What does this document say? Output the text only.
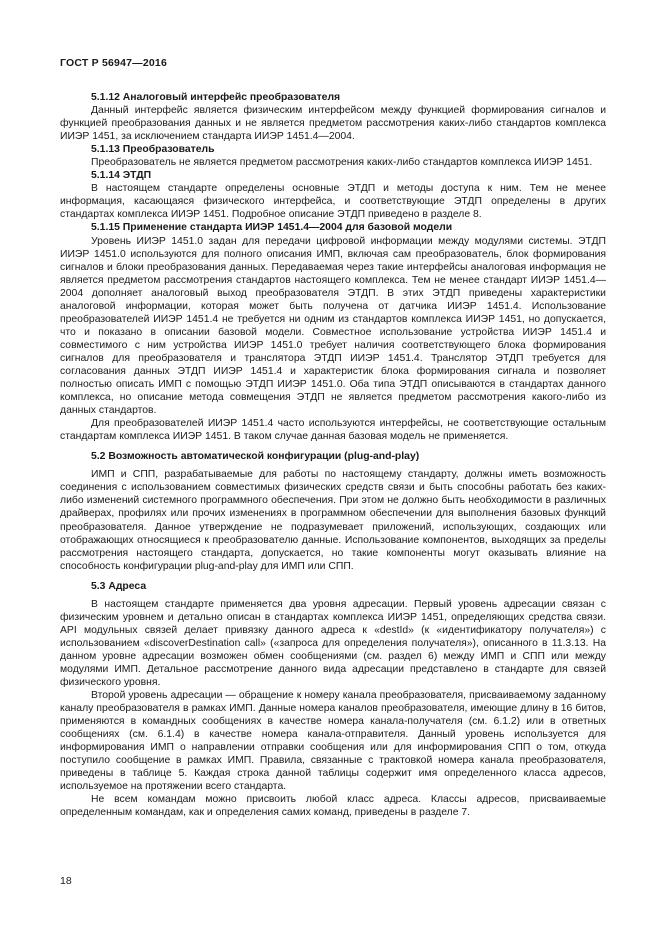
ГОСТ Р 56947—2016
5.1.12 Аналоговый интерфейс преобразователя

Данный интерфейс является физическим интерфейсом между функцией формирования сигналов и функцией преобразования данных и не является предметом рассмотрения каких-либо стандартов комплекса ИИЭР 1451, за исключением стандарта ИИЭР 1451.4—2004.

5.1.13 Преобразователь

Преобразователь не является предметом рассмотрения каких-либо стандартов комплекса ИИЭР 1451.

5.1.14 ЭТДП

В настоящем стандарте определены основные ЭТДП и методы доступа к ним. Тем не менее информация, касающаяся физического интерфейса, и соответствующие ЭТДП определены в других стандартах комплекса ИИЭР 1451. Подробное описание ЭТДП приведено в разделе 8.

5.1.15 Применение стандарта ИИЭР 1451.4—2004 для базовой модели

Уровень ИИЭР 1451.0 задан для передачи цифровой информации между модулями системы. ЭТДП ИИЭР 1451.0 используются для полного описания ИМП, включая сам преобразователь, блок формирования сигналов и блоки преобразования данных. Передаваемая через такие интерфейсы аналоговая информация не является предметом рассмотрения стандартов настоящего комплекса. Тем не менее стандарт ИИЭР 1451.4—2004 дополняет аналоговый выход преобразователя ЭТДП. В этих ЭТДП приведены характеристики аналоговой информации, которая может быть получена от датчика ИИЭР 1451.4. Использование преобразователей ИИЭР 1451.4 не требуется ни одним из стандартов комплекса ИИЭР 1451, но допускается, что и показано в описании базовой модели. Совместное использование устройства ИИЭР 1451.4 и совместимого с ним устройства ИИЭР 1451.0 требует наличия соответствующего блока формирования сигналов для преобразователя и транслятора ЭТДП ИИЭР 1451.4. Транслятор ЭТДП требуется для согласования данных ЭТДП ИИЭР 1451.4 и характеристик блока формирования сигнала и позволяет полностью описать ИМП с помощью ЭТДП ИИЭР 1451.0. Оба типа ЭТДП описываются в стандартах данного комплекса, но описание метода совмещения ЭТДП не является предметом рассмотрения какого-либо из данных стандартов.

Для преобразователей ИИЭР 1451.4 часто используются интерфейсы, не соответствующие остальным стандартам комплекса ИИЭР 1451. В таком случае данная базовая модель не применяется.

5.2 Возможность автоматической конфигурации (plug-and-play)

ИМП и СПП, разрабатываемые для работы по настоящему стандарту, должны иметь возможность соединения с использованием совместимых физических средств связи и быть способны работать без каких-либо изменений системного программного обеспечения. При этом не должно быть необходимости в различных драйверах, профилях или прочих изменениях в программном обеспечении для выполнения базовых функций преобразователя. Данное утверждение не подразумевает приложений, использующих, создающих или отображающих относящиеся к преобразователю данные. Использование компонентов, выходящих за пределы рассмотрения настоящего стандарта, допускается, но такие компоненты могут оказывать влияние на способность конфигурации plug-and-play для ИМП или СПП.

5.3 Адреса

В настоящем стандарте применяется два уровня адресации. Первый уровень адресации связан с физическим уровнем и детально описан в стандартах комплекса ИИЭР 1451, определяющих средства связи. API модульных связей делает привязку данного адреса к «destId» (к «идентификатору получателя») с использованием «discoverDestination call» («запроса для определения получателя»), описанного в 11.3.13. На данном уровне адресации возможен обмен сообщениями (см. раздел 6) между ИМП и СПП или между модулями ИМП. Детальное рассмотрение данного вида адресации представлено в стандарте для связей физического уровня.

Второй уровень адресации — обращение к номеру канала преобразователя, присваиваемому заданному каналу преобразователя в рамках ИМП. Данные номера каналов преобразователя, имеющие длину в 16 битов, применяются в командных сообщениях в качестве номера канала-получателя (см. 6.1.2) или в ответных сообщениях (см. 6.1.4) в качестве номера канала-отправителя. Данный уровень используется для информирования ИМП о направлении отправки сообщения или для информирования СПП о том, откуда поступило сообщение в рамках ИМП. Правила, связанные с трактовкой номера канала преобразователя, приведены в таблице 5. Каждая строка данной таблицы содержит имя определенного класса адресов, используемое на протяжении всего стандарта.

Не всем командам можно присвоить любой класс адреса. Классы адресов, присваиваемые определенным командам, как и определения самих команд, приведены в разделе 7.

18
